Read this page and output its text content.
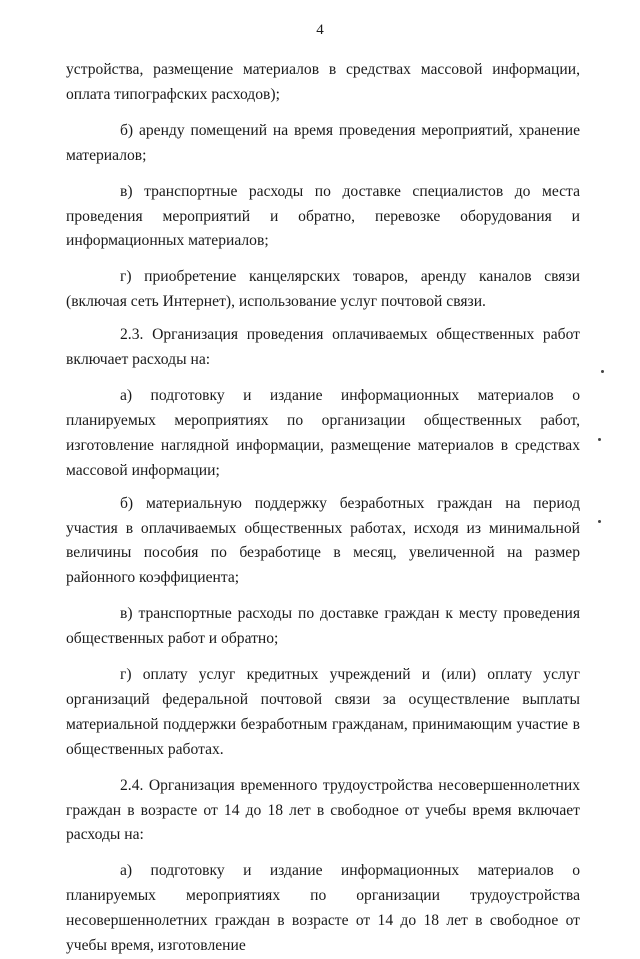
4

устройства, размещение материалов в средствах массовой информации, оплата типографских расходов);

б) аренду помещений на время проведения мероприятий, хранение материалов;

в) транспортные расходы по доставке специалистов до места проведения мероприятий и обратно, перевозке оборудования и информационных материалов;

г) приобретение канцелярских товаров, аренду каналов связи (включая сеть Интернет), использование услуг почтовой связи.

2.3. Организация проведения оплачиваемых общественных работ включает расходы на:

а) подготовку и издание информационных материалов о планируемых мероприятиях по организации общественных работ, изготовление наглядной информации, размещение материалов в средствах массовой информации;

б) материальную поддержку безработных граждан на период участия в оплачиваемых общественных работах, исходя из минимальной величины пособия по безработице в месяц, увеличенной на размер районного коэффициента;

в) транспортные расходы по доставке граждан к месту проведения общественных работ и обратно;

г) оплату услуг кредитных учреждений и (или) оплату услуг организаций федеральной почтовой связи за осуществление выплаты материальной поддержки безработным гражданам, принимающим участие в общественных работах.

2.4. Организация временного трудоустройства несовершеннолетних граждан в возрасте от 14 до 18 лет в свободное от учебы время включает расходы на:

а) подготовку и издание информационных материалов о планируемых мероприятиях по организации трудоустройства несовершеннолетних граждан в возрасте от 14 до 18 лет в свободное от учебы время, изготовление
